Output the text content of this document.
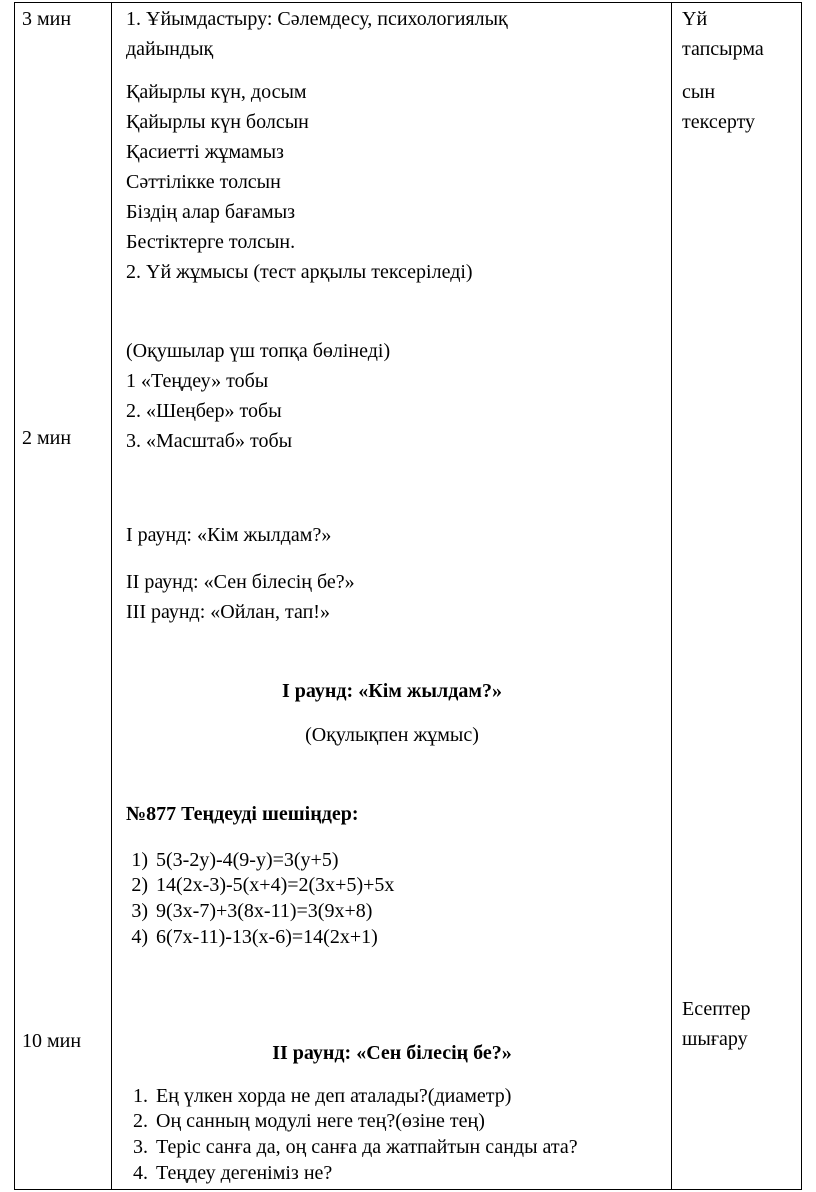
3 мин
2 мин
10 мин
1. Ұйымдастыру: Сәлемдесу, психологиялық
дайындық
Қайырлы күн, досым
Қайырлы күн болсын
Қасиетті жұмамыз
Сәттілікке толсын
Біздің алар бағамыз
Бестіктерге толсын.
2. Үй жұмысы (тест арқылы тексеріледі)
(Оқушылар үш топқа бөлінеді)
1 «Теңдеу» тобы
2. «Шеңбер» тобы
3. «Масштаб» тобы
I раунд: «Кім жылдам?»
II раунд: «Сен білесің бе?»
III раунд: «Ойлан, тап!»
I раунд: «Кім жылдам?»
(Оқулықпен жұмыс)
№877 Теңдеуді шешіңдер:
1) 5(3-2y)-4(9-y)=3(y+5)
2) 14(2x-3)-5(x+4)=2(3x+5)+5x
3) 9(3x-7)+3(8x-11)=3(9x+8)
4) 6(7x-11)-13(x-6)=14(2x+1)
II раунд: «Сен білесің бе?»
1. Ең үлкен хорда не деп аталады?(диаметр)
2. Оң санның модулі неге тең?(өзіне тең)
3. Теріс санға да, оң санға да жатпайтын санды ата?
4. Теңдеу дегеніміз не?
Үй
тапсырма
сын
тексерту
Есептер
шығару
